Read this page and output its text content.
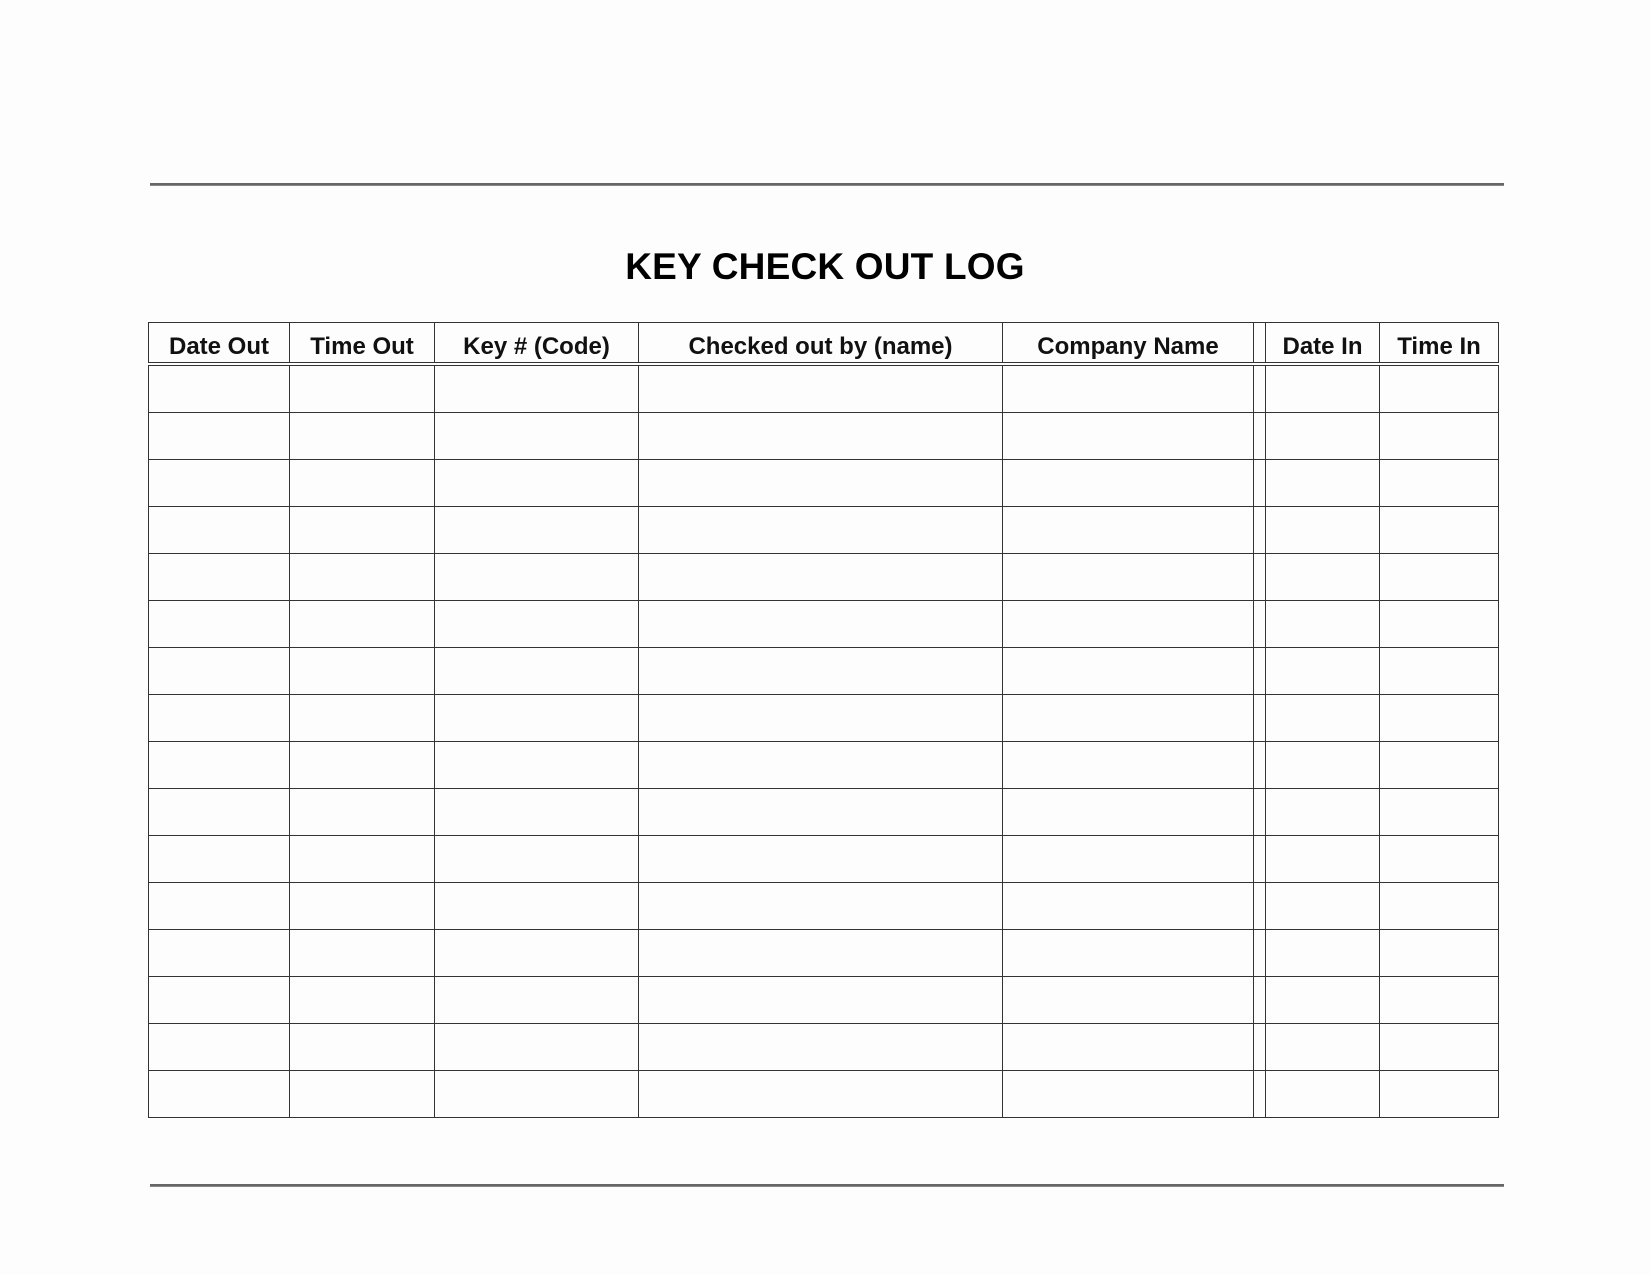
KEY CHECK OUT LOG
Date Out	Time Out	Key # (Code)	Checked out by (name)	Company Name		Date In	Time In
